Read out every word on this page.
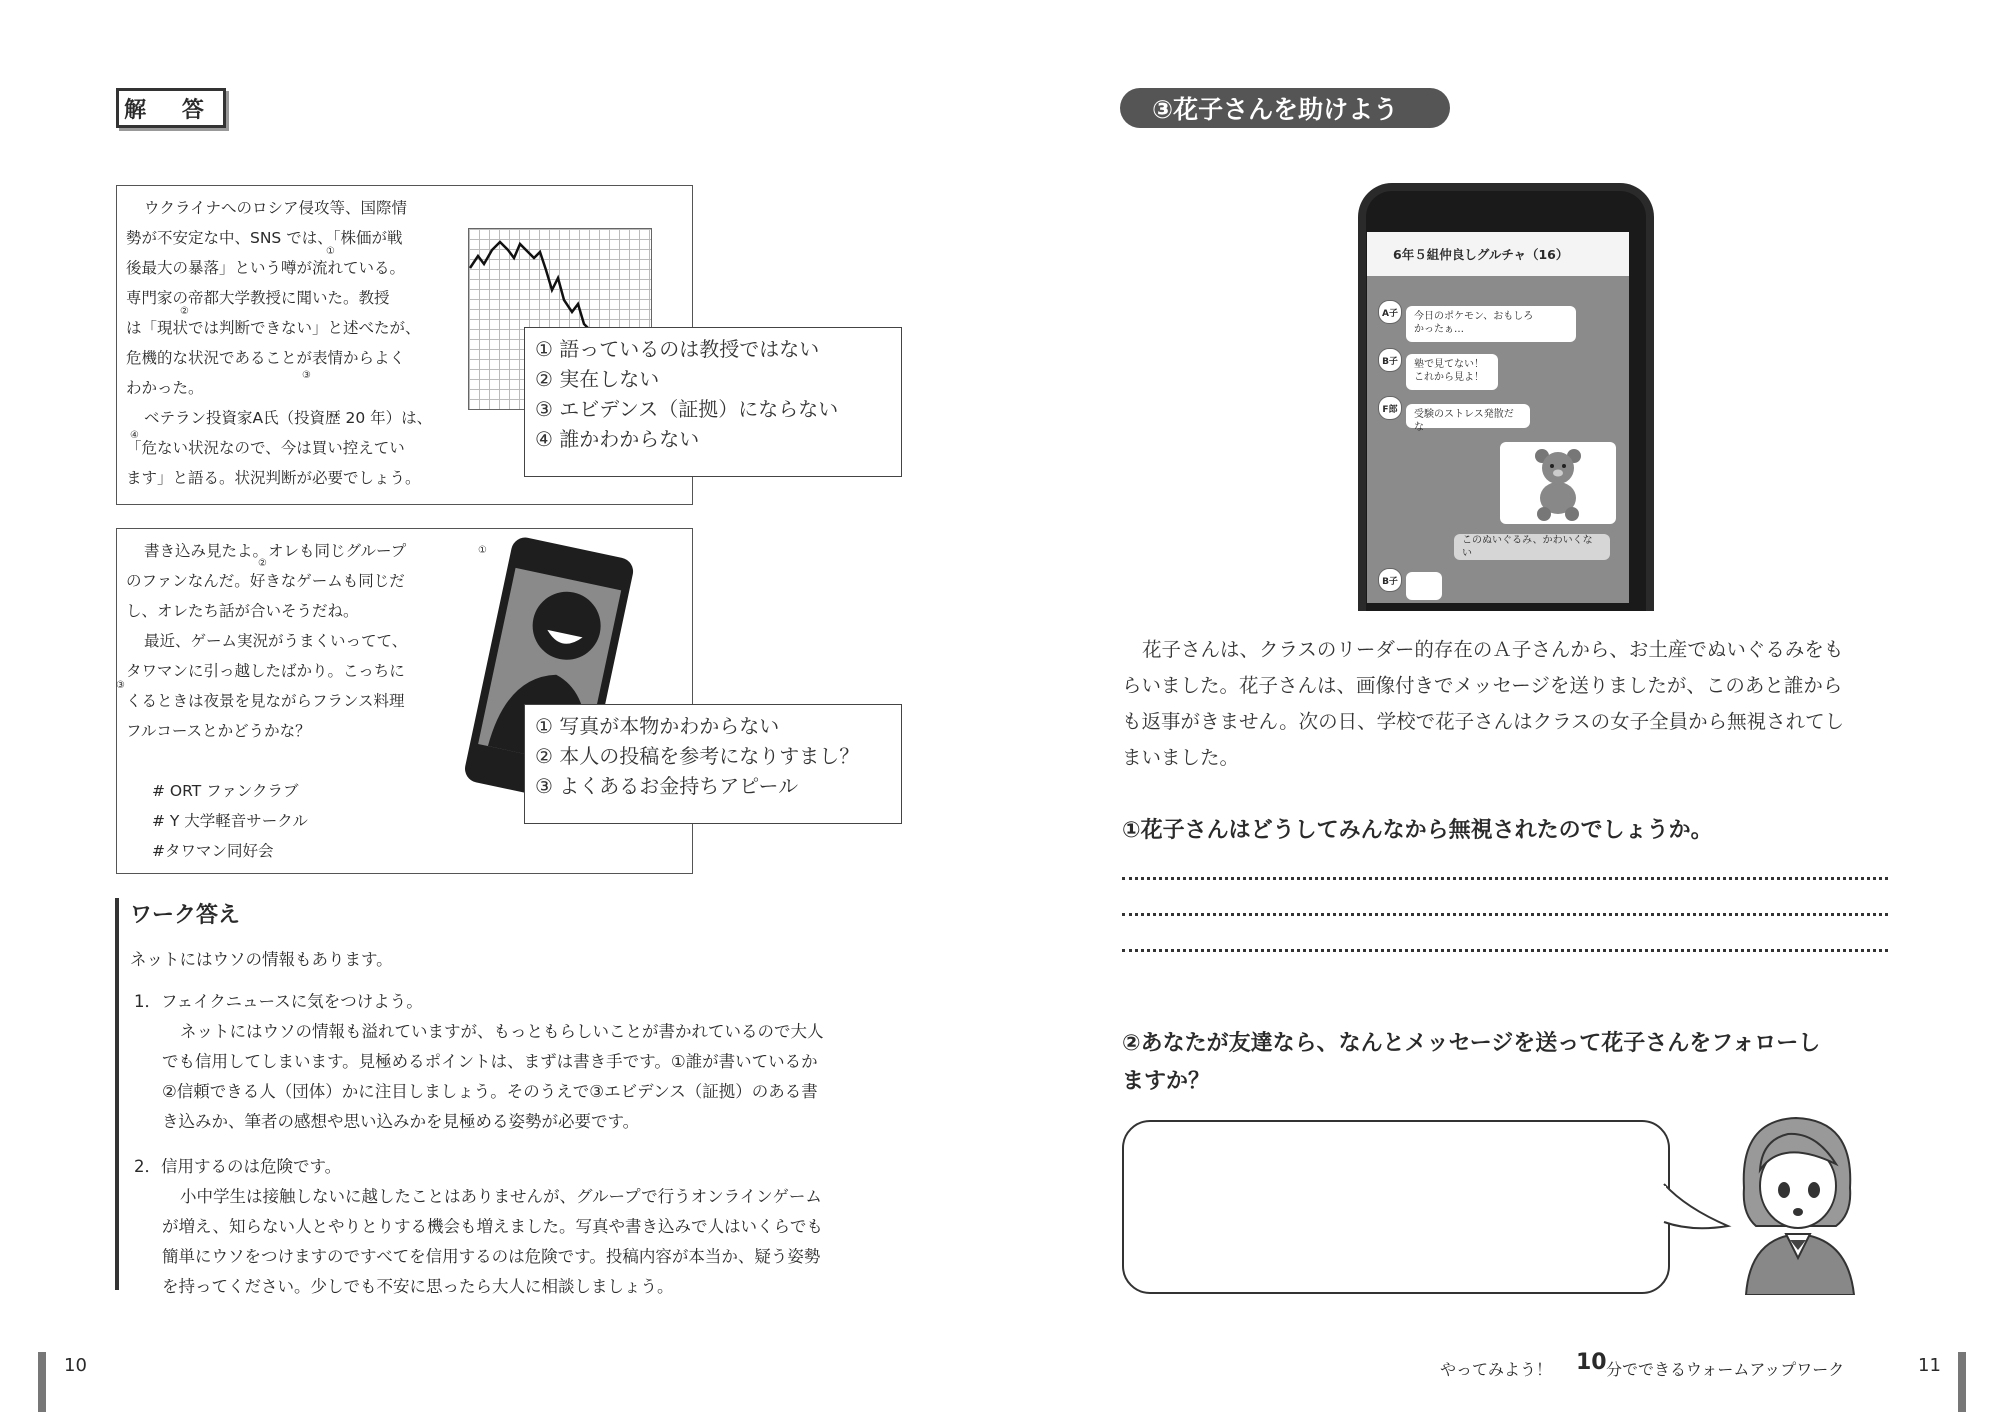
解 答

ウクライナへのロシア侵攻等、国際情

勢が不安定な中、SNS では、「株価が戦

後最大の暴落」という噂が流れている。

専門家の帝都大学教授に聞いた。教授

は「現状では判断できない」と述べたが、

危機的な状況であることが表情からよく

わかった。

ベテラン投資家A氏（投資歴 20 年）は、

「危ない状況なので、今は買い控えてい

ます」と語る。状況判断が必要でしょう。

①
②
③
④
① 語っているのは教授ではない
② 実在しない
③ エビデンス（証拠）にならない
④ 誰かわからない

書き込み見たよ。オレも同じグループ

のファンなんだ。好きなゲームも同じだ

し、オレたち話が合いそうだね。

最近、ゲーム実況がうまくいってて、

タワマンに引っ越したばかり。こっちに

くるときは夜景を見ながらフランス料理

フルコースとかどうかな？

# ORT ファンクラブ

# Y 大学軽音サークル

#タワマン同好会

②
①
③
① 写真が本物かわからない
② 本人の投稿を参考になりすまし？
③ よくあるお金持ちアピール
ワーク答え
ネットにはウソの情報もあります。
1．フェイクニュースに気をつけよう。
ネットにはウソの情報も溢れていますが、もっともらしいことが書かれているので大人
でも信用してしまいます。見極めるポイントは、まずは書き手です。①誰が書いているか
②信頼できる人（団体）かに注目しましょう。そのうえで③エビデンス（証拠）のある書
き込みか、筆者の感想や思い込みかを見極める姿勢が必要です。
2．信用するのは危険です。
小中学生は接触しないに越したことはありませんが、グループで行うオンラインゲーム
が増え、知らない人とやりとりする機会も増えました。写真や書き込みで人はいくらでも
簡単にウソをつけますのですべてを信用するのは危険です。投稿内容が本当か、疑う姿勢
を持ってください。少しでも不安に思ったら大人に相談しましょう。
10
③花子さんを助けよう
6年５組仲良しグルチャ（16）
A子	今日のポケモン、おもしろ
かったぁ…
B子	塾で見てない！
これから見よ！
F郎	受験のストレス発散だな
このぬいぐるみ、かわいくない
B子
花子さんは、クラスのリーダー的存在のＡ子さんから、お土産でぬいぐるみをも
らいました。花子さんは、画像付きでメッセージを送りましたが、このあと誰から
も返事がきません。次の日、学校で花子さんはクラスの女子全員から無視されてし
まいました。
①花子さんはどうしてみんなから無視されたのでしょうか。
②あなたが友達なら、なんとメッセージを送って花子さんをフォローし
ますか？
やってみよう！ 10 分でできるウォームアップワーク	11
